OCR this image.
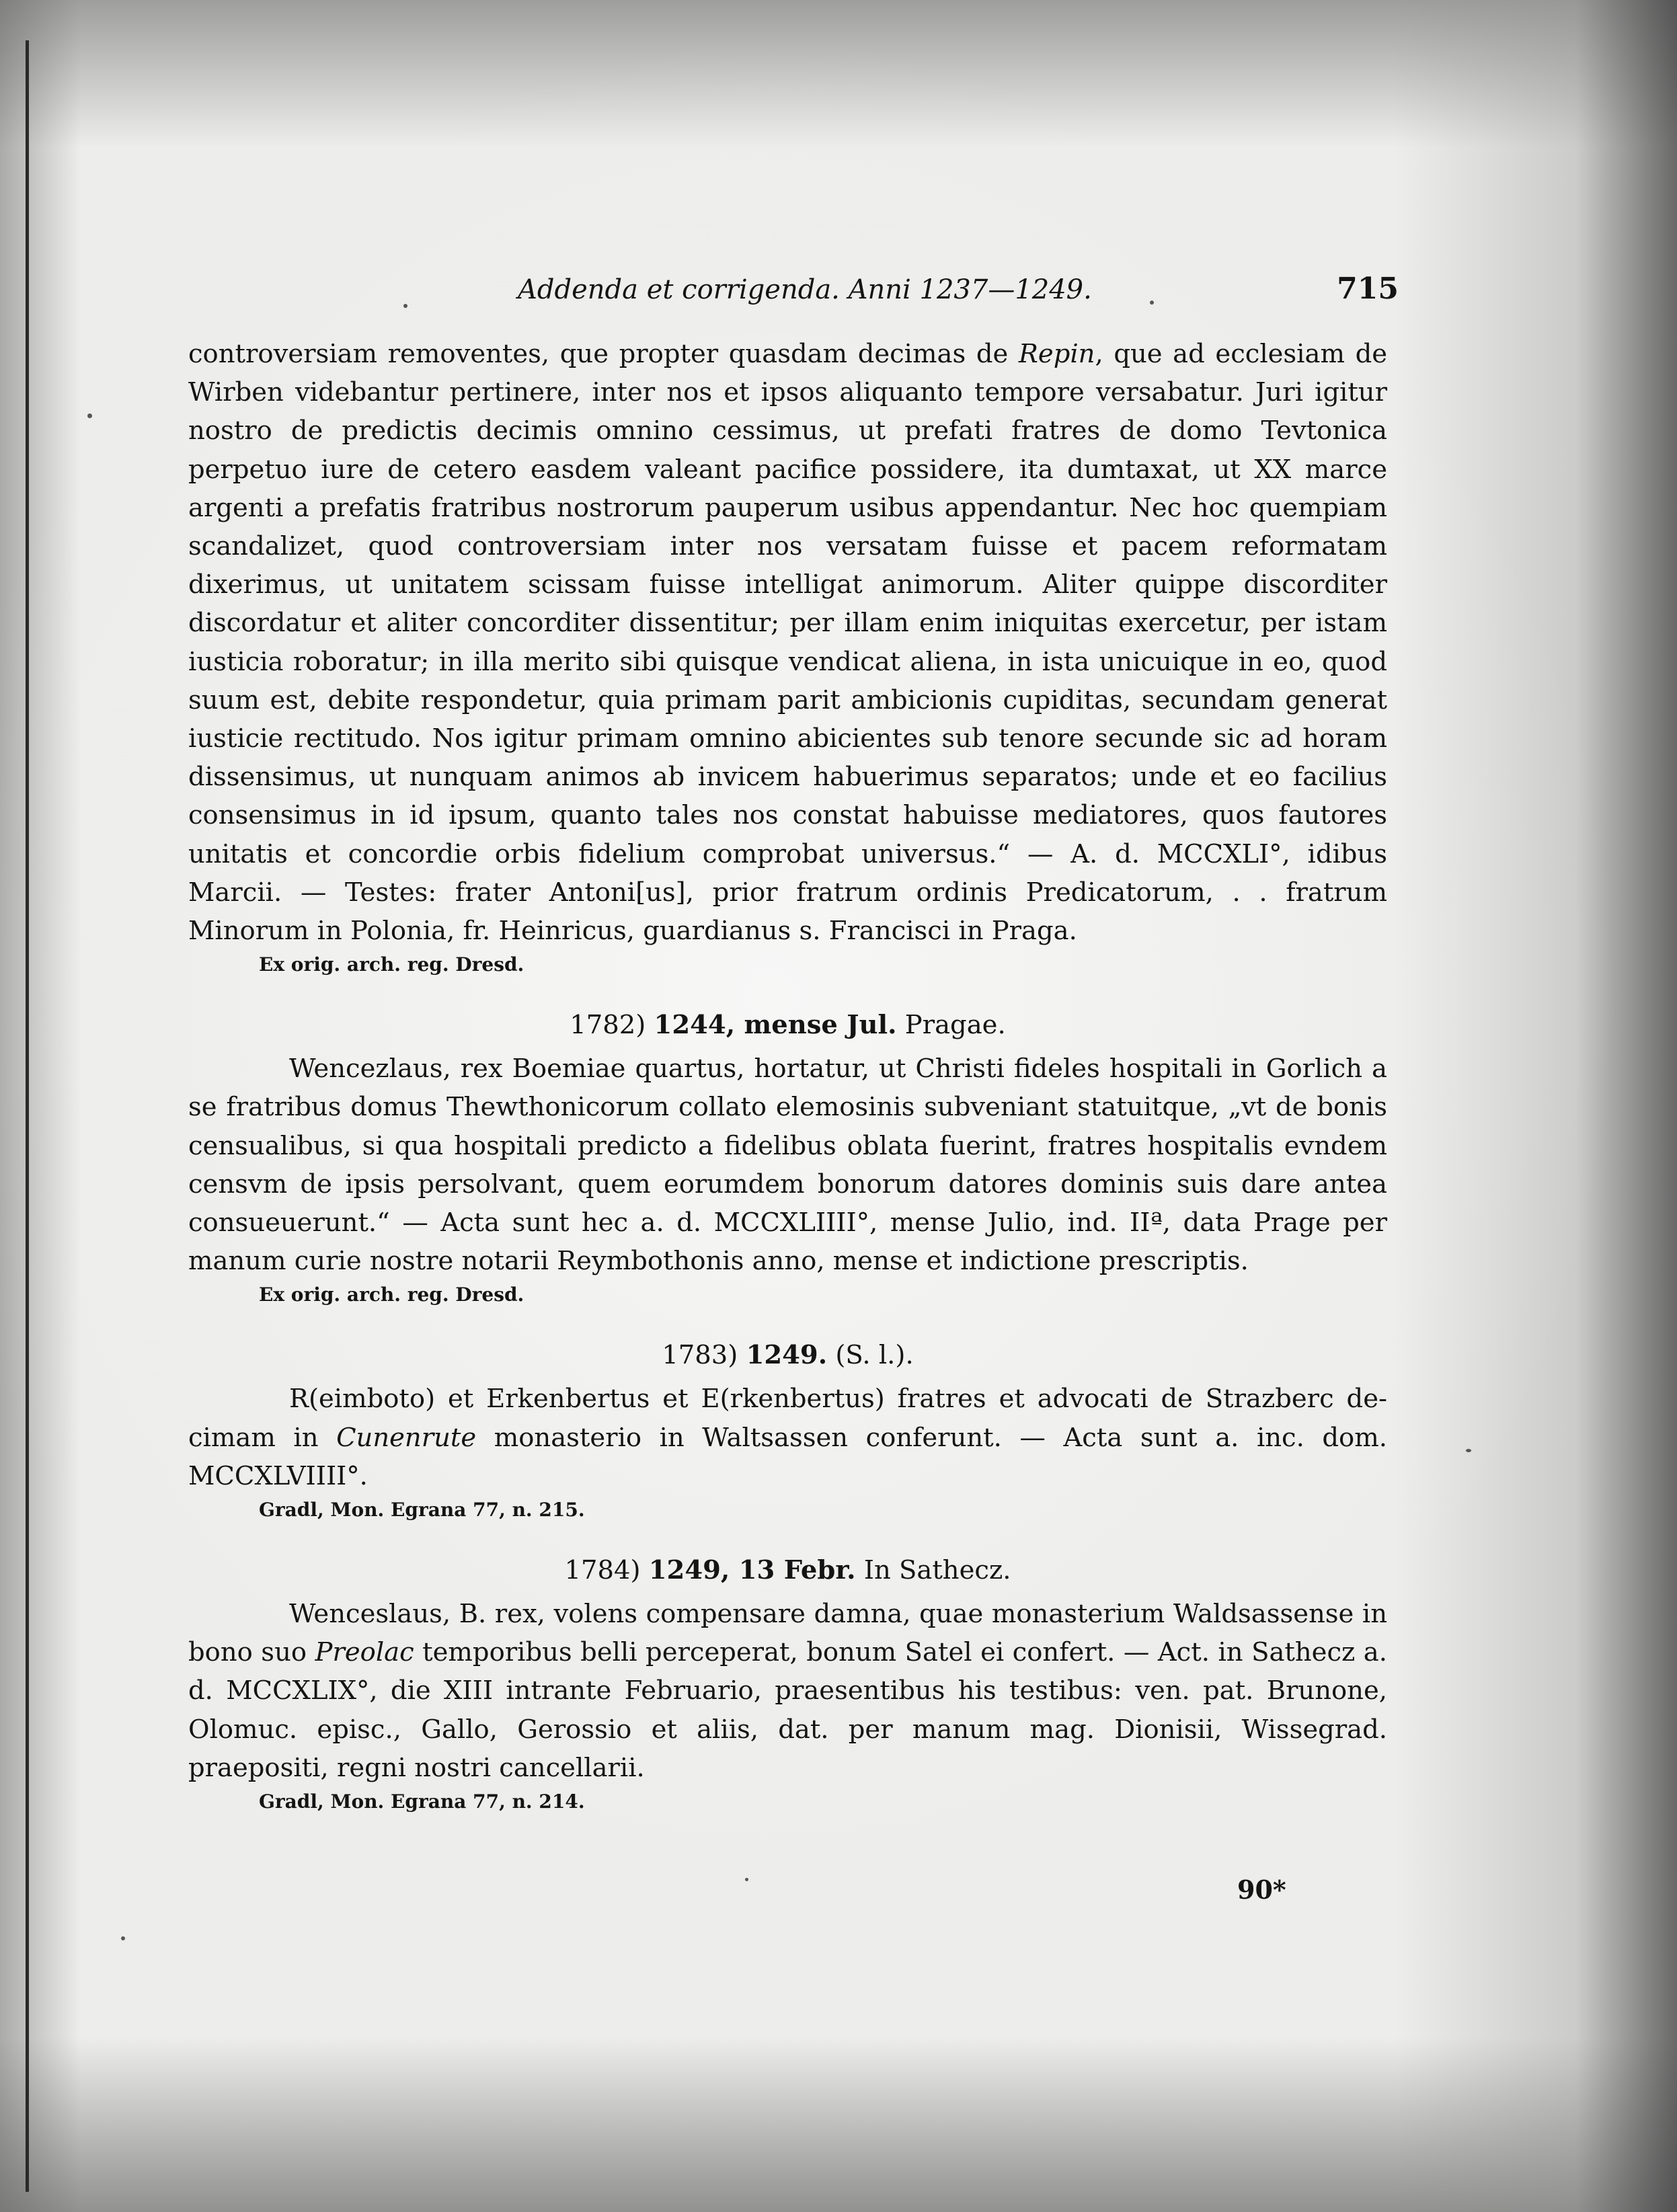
Addenda et corrigenda. Anni 1237—1249.	715

controversiam removentes, que propter quasdam decimas de Repin, que ad ecclesiam de Wirben videbantur pertinere, inter nos et ipsos aliquanto tempore versabatur. Juri igitur nostro de predictis decimis omnino cessimus, ut prefati fratres de domo Tevtonica perpetuo iure de cetero easdem valeant pacifice possidere, ita dumtaxat, ut XX marce argenti a prefatis fratribus nostrorum pauperum usibus appendantur. Nec hoc quempiam scandalizet, quod controversiam inter nos versatam fuisse et pacem reformatam dixerimus, ut unitatem scissam fuisse intelligat animorum. Aliter quippe discorditer discordatur et aliter concorditer dissentitur; per illam enim iniquitas exercetur, per istam iusticia roboratur; in illa merito sibi quisque vendicat aliena, in ista unicuique in eo, quod suum est, debite respondetur, quia primam parit ambicionis cupiditas, secundam generat iusticie rectitudo. Nos igitur primam omnino abicientes sub tenore secunde sic ad horam dissensimus, ut nunquam animos ab invicem habuerimus separatos; unde et eo facilius consensimus in id ipsum, quanto tales nos constat habuisse mediatores, quos fautores unitatis et concordie orbis fidelium comprobat universus.“ — A. d. MCCXLI°, idibus Marcii. — Testes: frater Antoni[us], prior fratrum ordinis Predicatorum, . . fratrum Minorum in Polonia, fr. Heinricus, guardianus s. Francisci in Praga.

Ex orig. arch. reg. Dresd.
1782) 1244, mense Jul. Pragae.

Wencezlaus, rex Boemiae quartus, hortatur, ut Christi fideles hospitali in Gorlich a se fratribus domus Thewthonicorum collato elemosinis subveniant statuitque, „vt de bonis censualibus, si qua hospitali predicto a fidelibus oblata fuerint, fratres hospitalis evndem censvm de ipsis persolvant, quem eorumdem bonorum datores dominis suis dare antea consueuerunt.“ — Acta sunt hec a. d. MCCXLIIII°, mense Julio, ind. IIª, data Prage per manum curie nostre notarii Reymbothonis anno, mense et indictione prescriptis.

Ex orig. arch. reg. Dresd.
1783) 1249. (S. l.).

R(eimboto) et Erkenbertus et E(rkenbertus) fratres et advocati de Strazberc decimam in Cunenrute monasterio in Waltsassen conferunt. — Acta sunt a. inc. dom. MCCXLVIIII°.

Gradl, Mon. Egrana 77, n. 215.
1784) 1249, 13 Febr. In Sathecz.

Wenceslaus, B. rex, volens compensare damna, quae monasterium Waldsassense in bono suo Preolac temporibus belli perceperat, bonum Satel ei confert. — Act. in Sathecz a. d. MCCXLIX°, die XIII intrante Februario, praesentibus his testibus: ven. pat. Brunone, Olomuc. episc., Gallo, Gerossio et aliis, dat. per manum mag. Dionisii, Wissegrad. praepositi, regni nostri cancellarii.

Gradl, Mon. Egrana 77, n. 214.
90*
